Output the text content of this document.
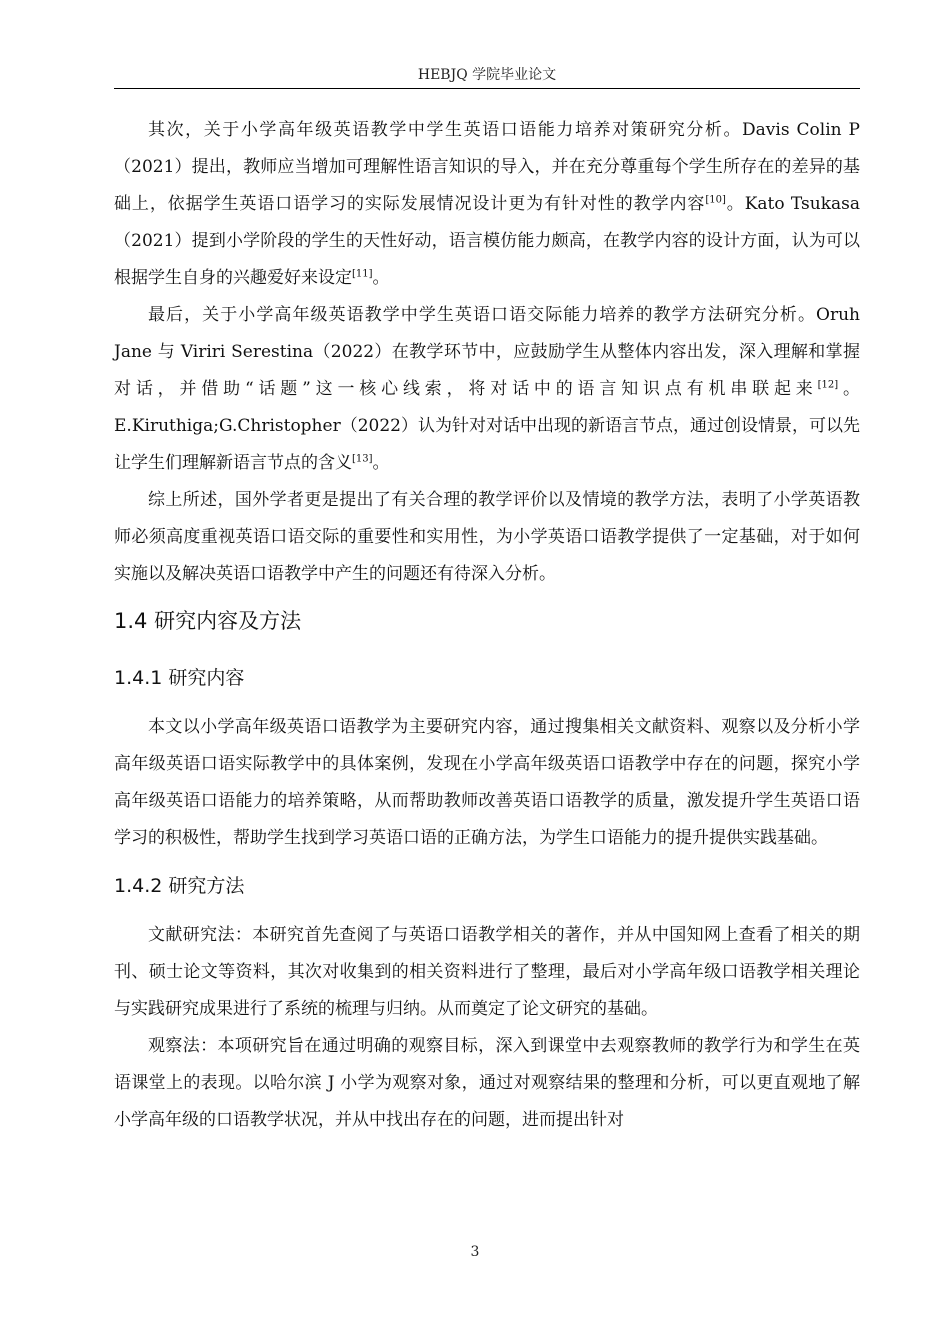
HEBJQ 学院毕业论文

其次，关于小学高年级英语教学中学生英语口语能力培养对策研究分析。Davis Colin P（2021）提出，教师应当增加可理解性语言知识的导入，并在充分尊重每个学生所存在的差异的基础上，依据学生英语口语学习的实际发展情况设计更为有针对性的教学内容[10]。Kato Tsukasa（2021）提到小学阶段的学生的天性好动，语言模仿能力颇高，在教学内容的设计方面，认为可以根据学生自身的兴趣爱好来设定[11]。

最后，关于小学高年级英语教学中学生英语口语交际能力培养的教学方法研究分析。Oruh Jane 与 Viriri Serestina（2022）在教学环节中，应鼓励学生从整体内容出发，深入理解和掌握对话，并借助“话题”这一核心线索，将对话中的语言知识点有机串联起来[12]。E.Kiruthiga;G.Christopher（2022）认为针对对话中出现的新语言节点，通过创设情景，可以先让学生们理解新语言节点的含义[13]。

综上所述，国外学者更是提出了有关合理的教学评价以及情境的教学方法，表明了小学英语教师必须高度重视英语口语交际的重要性和实用性，为小学英语口语教学提供了一定基础，对于如何实施以及解决英语口语教学中产生的问题还有待深入分析。

1.4 研究内容及方法
1.4.1 研究内容

本文以小学高年级英语口语教学为主要研究内容，通过搜集相关文献资料、观察以及分析小学高年级英语口语实际教学中的具体案例，发现在小学高年级英语口语教学中存在的问题，探究小学高年级英语口语能力的培养策略，从而帮助教师改善英语口语教学的质量，激发提升学生英语口语学习的积极性，帮助学生找到学习英语口语的正确方法，为学生口语能力的提升提供实践基础。

1.4.2 研究方法

文献研究法：本研究首先查阅了与英语口语教学相关的著作，并从中国知网上查看了相关的期刊、硕士论文等资料，其次对收集到的相关资料进行了整理，最后对小学高年级口语教学相关理论与实践研究成果进行了系统的梳理与归纳。从而奠定了论文研究的基础。

观察法：本项研究旨在通过明确的观察目标，深入到课堂中去观察教师的教学行为和学生在英语课堂上的表现。以哈尔滨 J 小学为观察对象，通过对观察结果的整理和分析，可以更直观地了解小学高年级的口语教学状况，并从中找出存在的问题，进而提出针对

3
